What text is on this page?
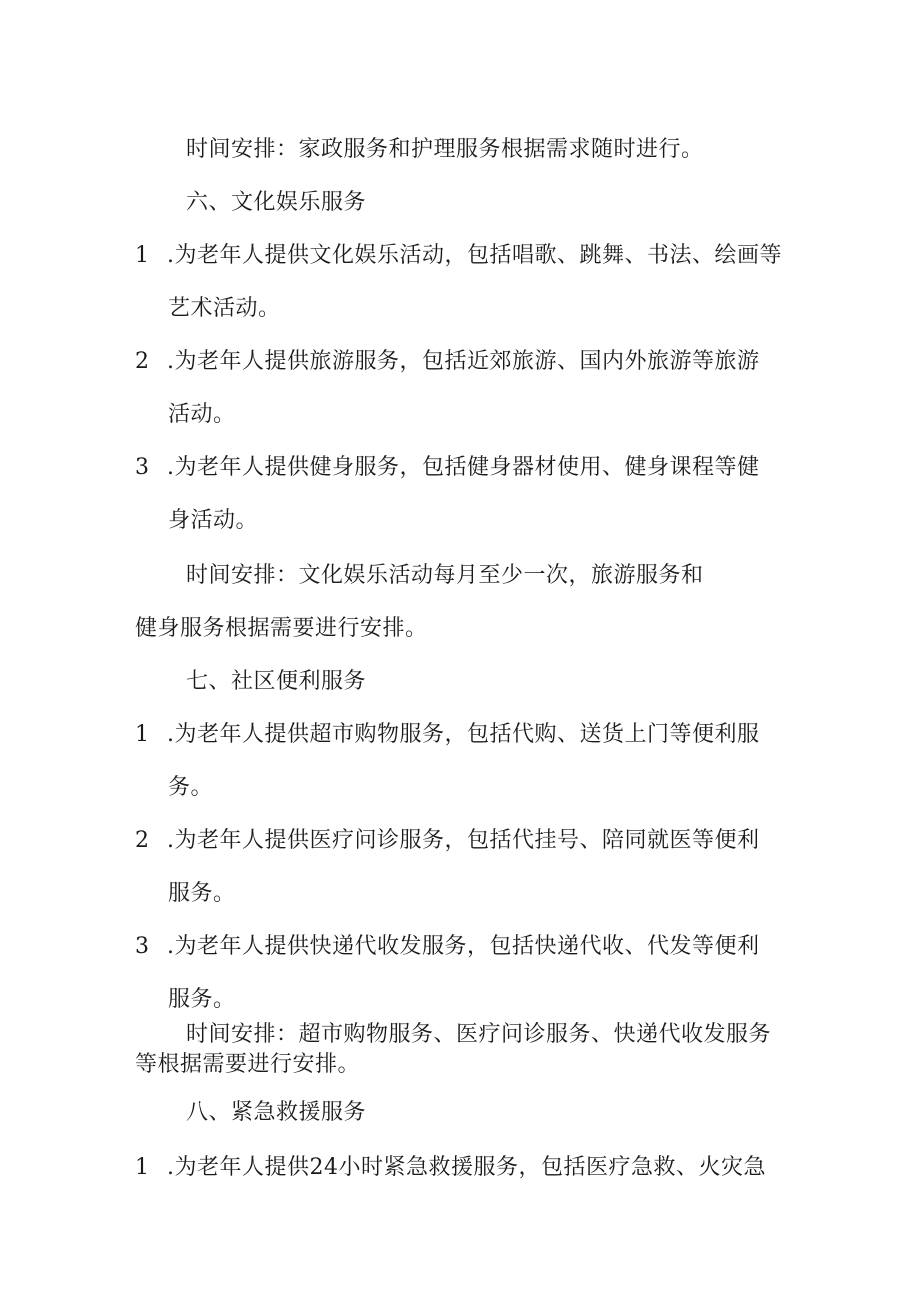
时间安排：家政服务和护理服务根据需求随时进行。
六、文化娱乐服务
1 .为老年人提供文化娱乐活动，包括唱歌、跳舞、书法、绘画等
艺术活动。
2 .为老年人提供旅游服务，包括近郊旅游、国内外旅游等旅游
活动。
3 .为老年人提供健身服务，包括健身器材使用、健身课程等健
身活动。
时间安排：文化娱乐活动每月至少一次，旅游服务和
健身服务根据需要进行安排。
七、社区便利服务
1 .为老年人提供超市购物服务，包括代购、送货上门等便利服
务。
2 .为老年人提供医疗问诊服务，包括代挂号、陪同就医等便利
服务。
3 .为老年人提供快递代收发服务，包括快递代收、代发等便利
服务。
时间安排：超市购物服务、医疗问诊服务、快递代收发服务
等根据需要进行安排。
八、紧急救援服务
1 .为老年人提供24小时紧急救援服务，包括医疗急救、火灾急
